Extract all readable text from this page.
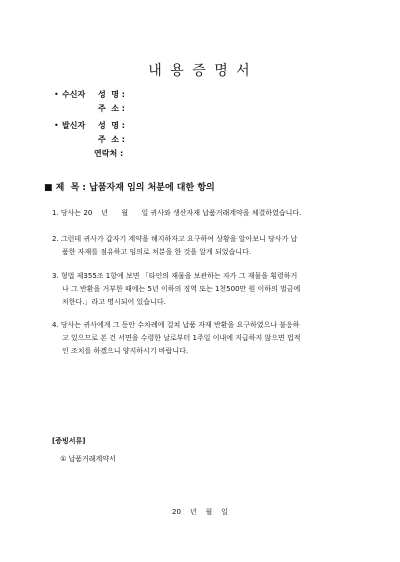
내 용 증 명 서
• 수신자 성  명 :
주  소 :
• 발신자 성  명 :
주  소 :
연락처 :
■ 제  목 : 납품자재 임의 처분에 대한 항의
1. 당사는 20    년      월      일 귀사와 생산자재 납품거래계약을 체결하였습니다.
2. 그런데 귀사가 갑자기 계약을 해지하자고 요구하여 상황을 알아보니 당사가 납
품한 자재를 점유하고 임의로 처분을 한 것을 알게 되었습니다.
3. 형법 제355조 1항에 보면 「타인의 재물을 보관하는 자가 그 재물을 횡령하거
나 그 반환을 거부한 때에는 5년 이하의 징역 또는 1천500만 원 이하의 벌금에
처한다.」라고 명시되어 있습니다.
4. 당사는 귀사에게 그 동안 수차례에 걸쳐 납품 자재 반환을 요구하였으나 불응하
고 있으므로 본 건 서면을 수령한 날로부터 1주일 이내에 지급하지 않으면 법적
인 조치를 하겠으니 양지하시기 바랍니다.
[증빙서류]
① 납품거래계약서
20    년    월    일
